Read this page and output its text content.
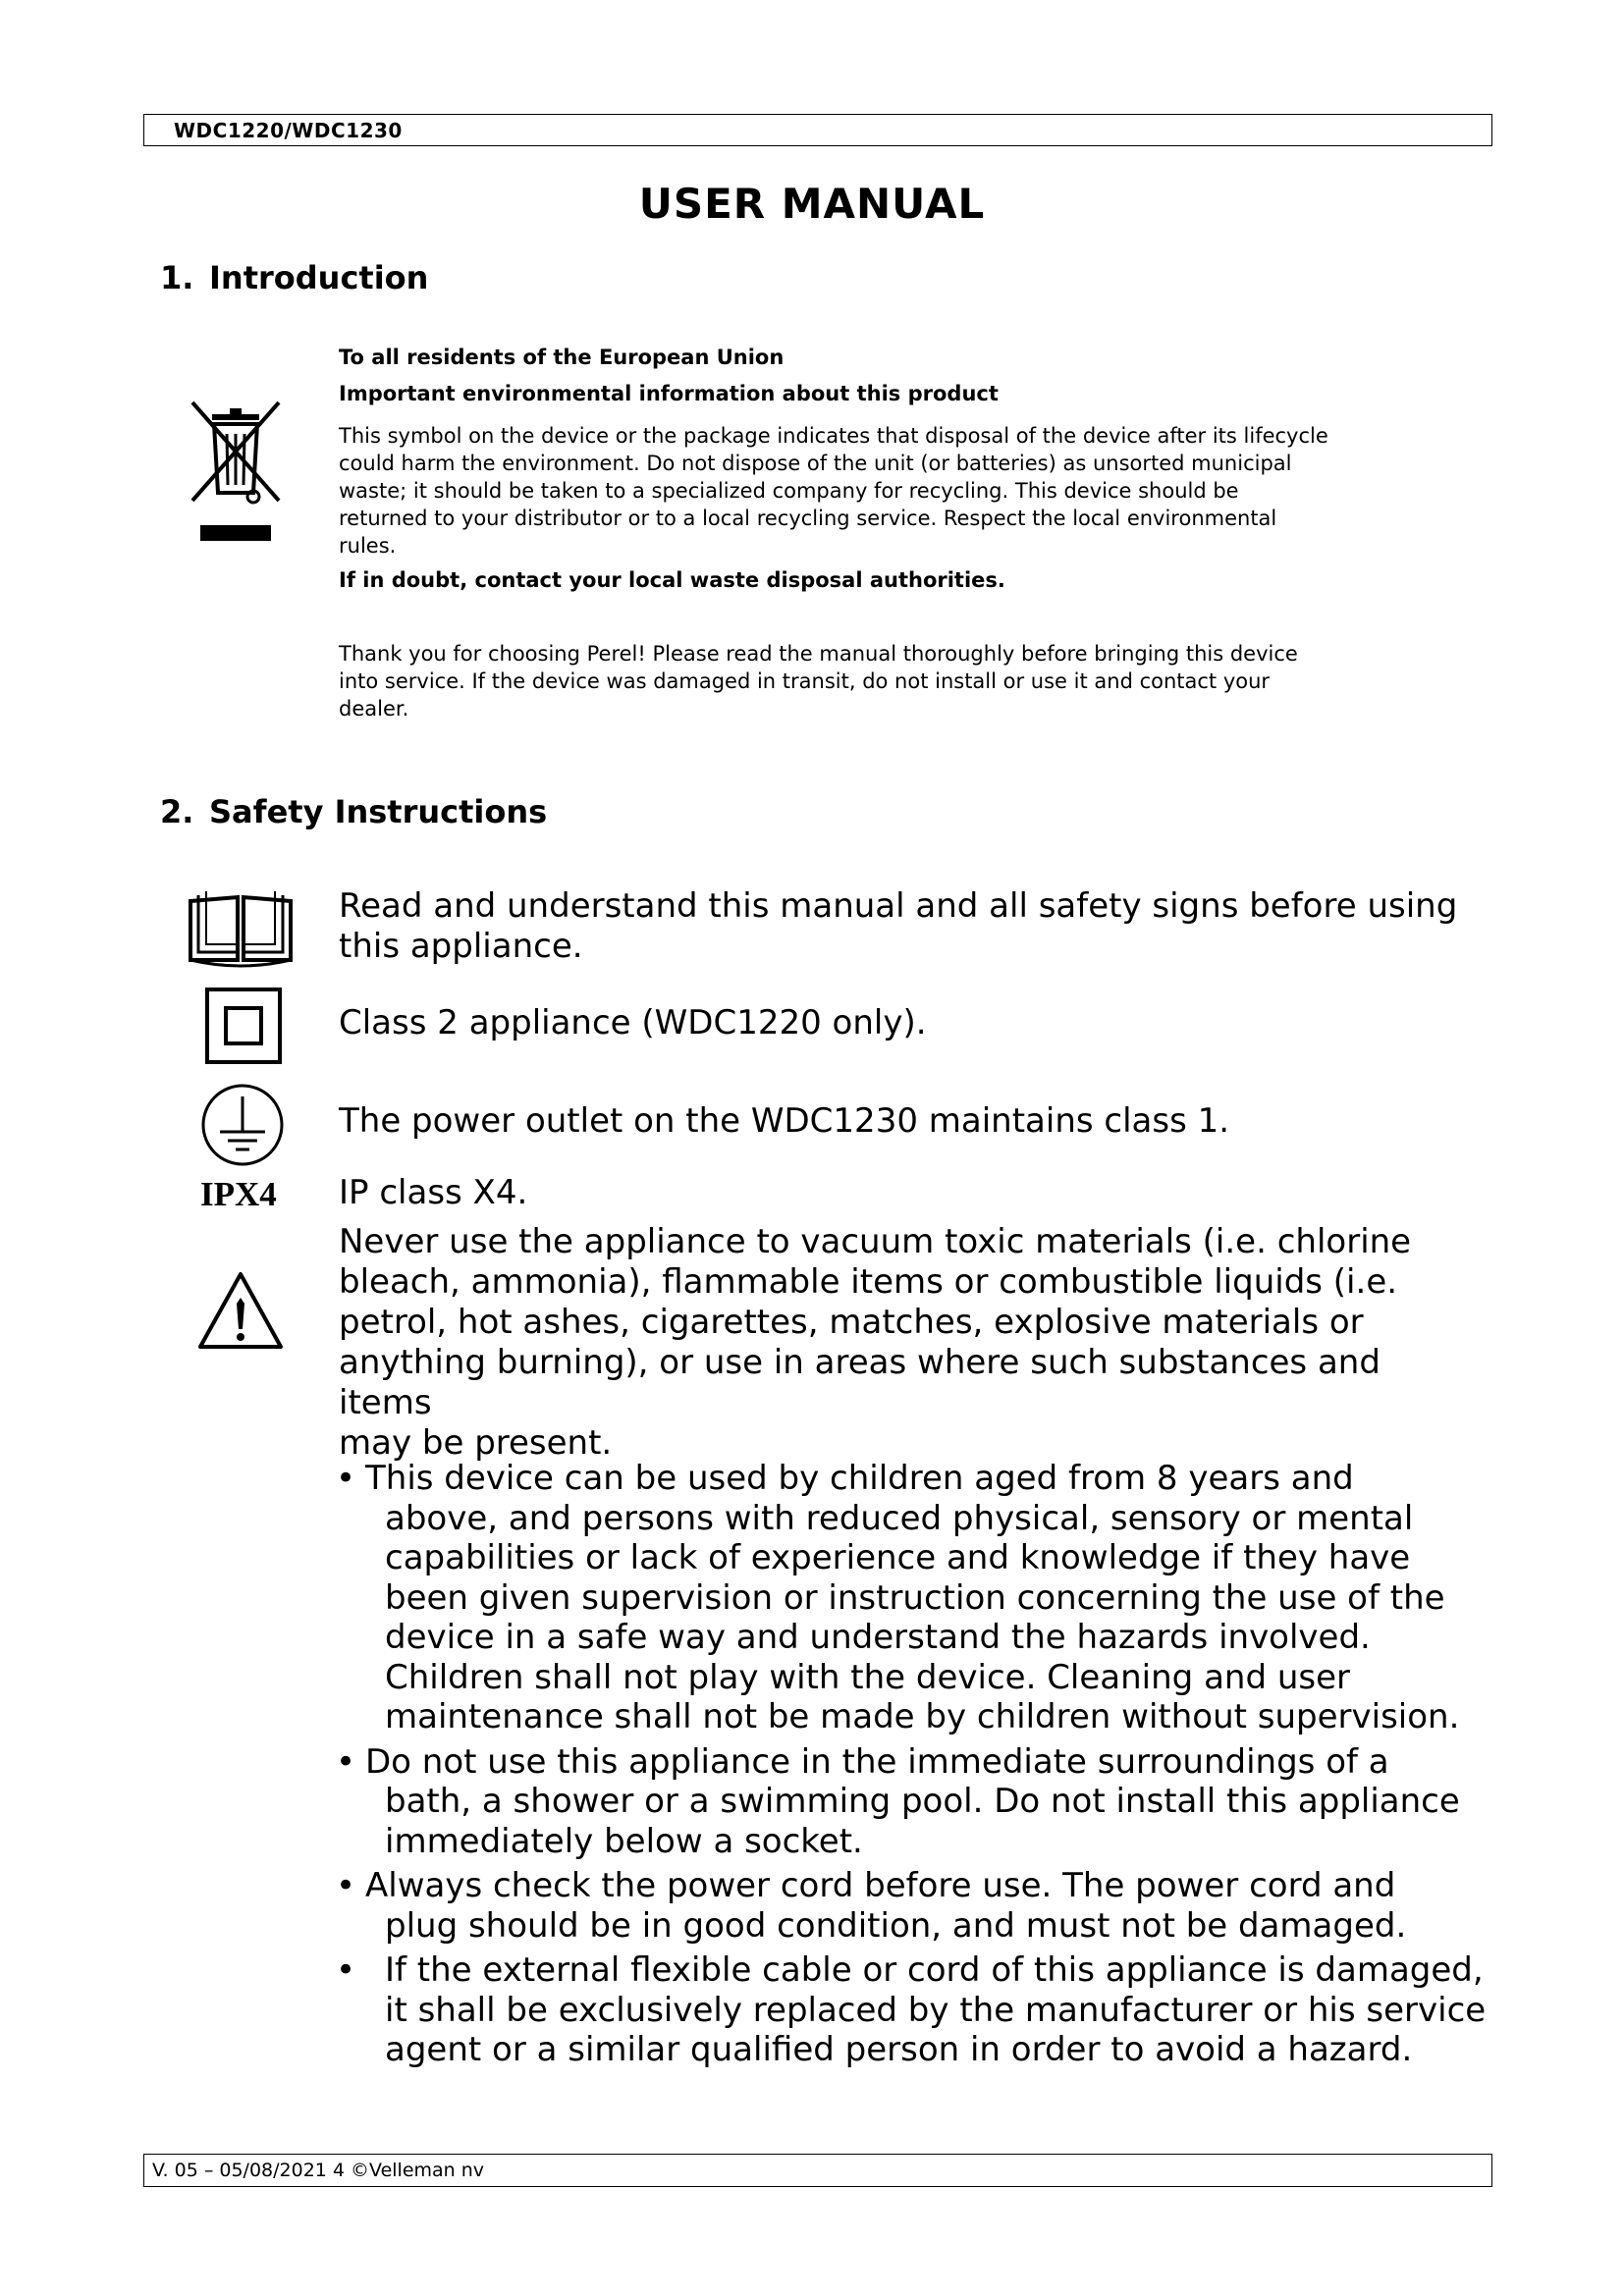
WDC1220/WDC1230
USER MANUAL
1. Introduction
To all residents of the European Union
Important environmental information about this product
This symbol on the device or the package indicates that disposal of the device after its lifecycle
could harm the environment. Do not dispose of the unit (or batteries) as unsorted municipal
waste; it should be taken to a specialized company for recycling. This device should be
returned to your distributor or to a local recycling service. Respect the local environmental
rules.
If in doubt, contact your local waste disposal authorities.
Thank you for choosing Perel! Please read the manual thoroughly before bringing this device
into service. If the device was damaged in transit, do not install or use it and contact your
dealer.
2. Safety Instructions
Read and understand this manual and all safety signs before using
this appliance.
Class 2 appliance (WDC1220 only).
The power outlet on the WDC1230 maintains class 1.
IPX4 IP class X4.
Never use the appliance to vacuum toxic materials (i.e. chlorine
bleach, ammonia), flammable items or combustible liquids (i.e.
petrol, hot ashes, cigarettes, matches, explosive materials or
anything burning), or use in areas where such substances and items
may be present.
• This device can be used by children aged from 8 years and
above, and persons with reduced physical, sensory or mental
capabilities or lack of experience and knowledge if they have
been given supervision or instruction concerning the use of the
device in a safe way and understand the hazards involved.
Children shall not play with the device. Cleaning and user
maintenance shall not be made by children without supervision.
• Do not use this appliance in the immediate surroundings of a
bath, a shower or a swimming pool. Do not install this appliance
immediately below a socket.
• Always check the power cord before use. The power cord and
plug should be in good condition, and must not be damaged.
• If the external flexible cable or cord of this appliance is damaged,
it shall be exclusively replaced by the manufacturer or his service
agent or a similar qualified person in order to avoid a hazard.
V. 05 – 05/08/2021 4 ©Velleman nv
